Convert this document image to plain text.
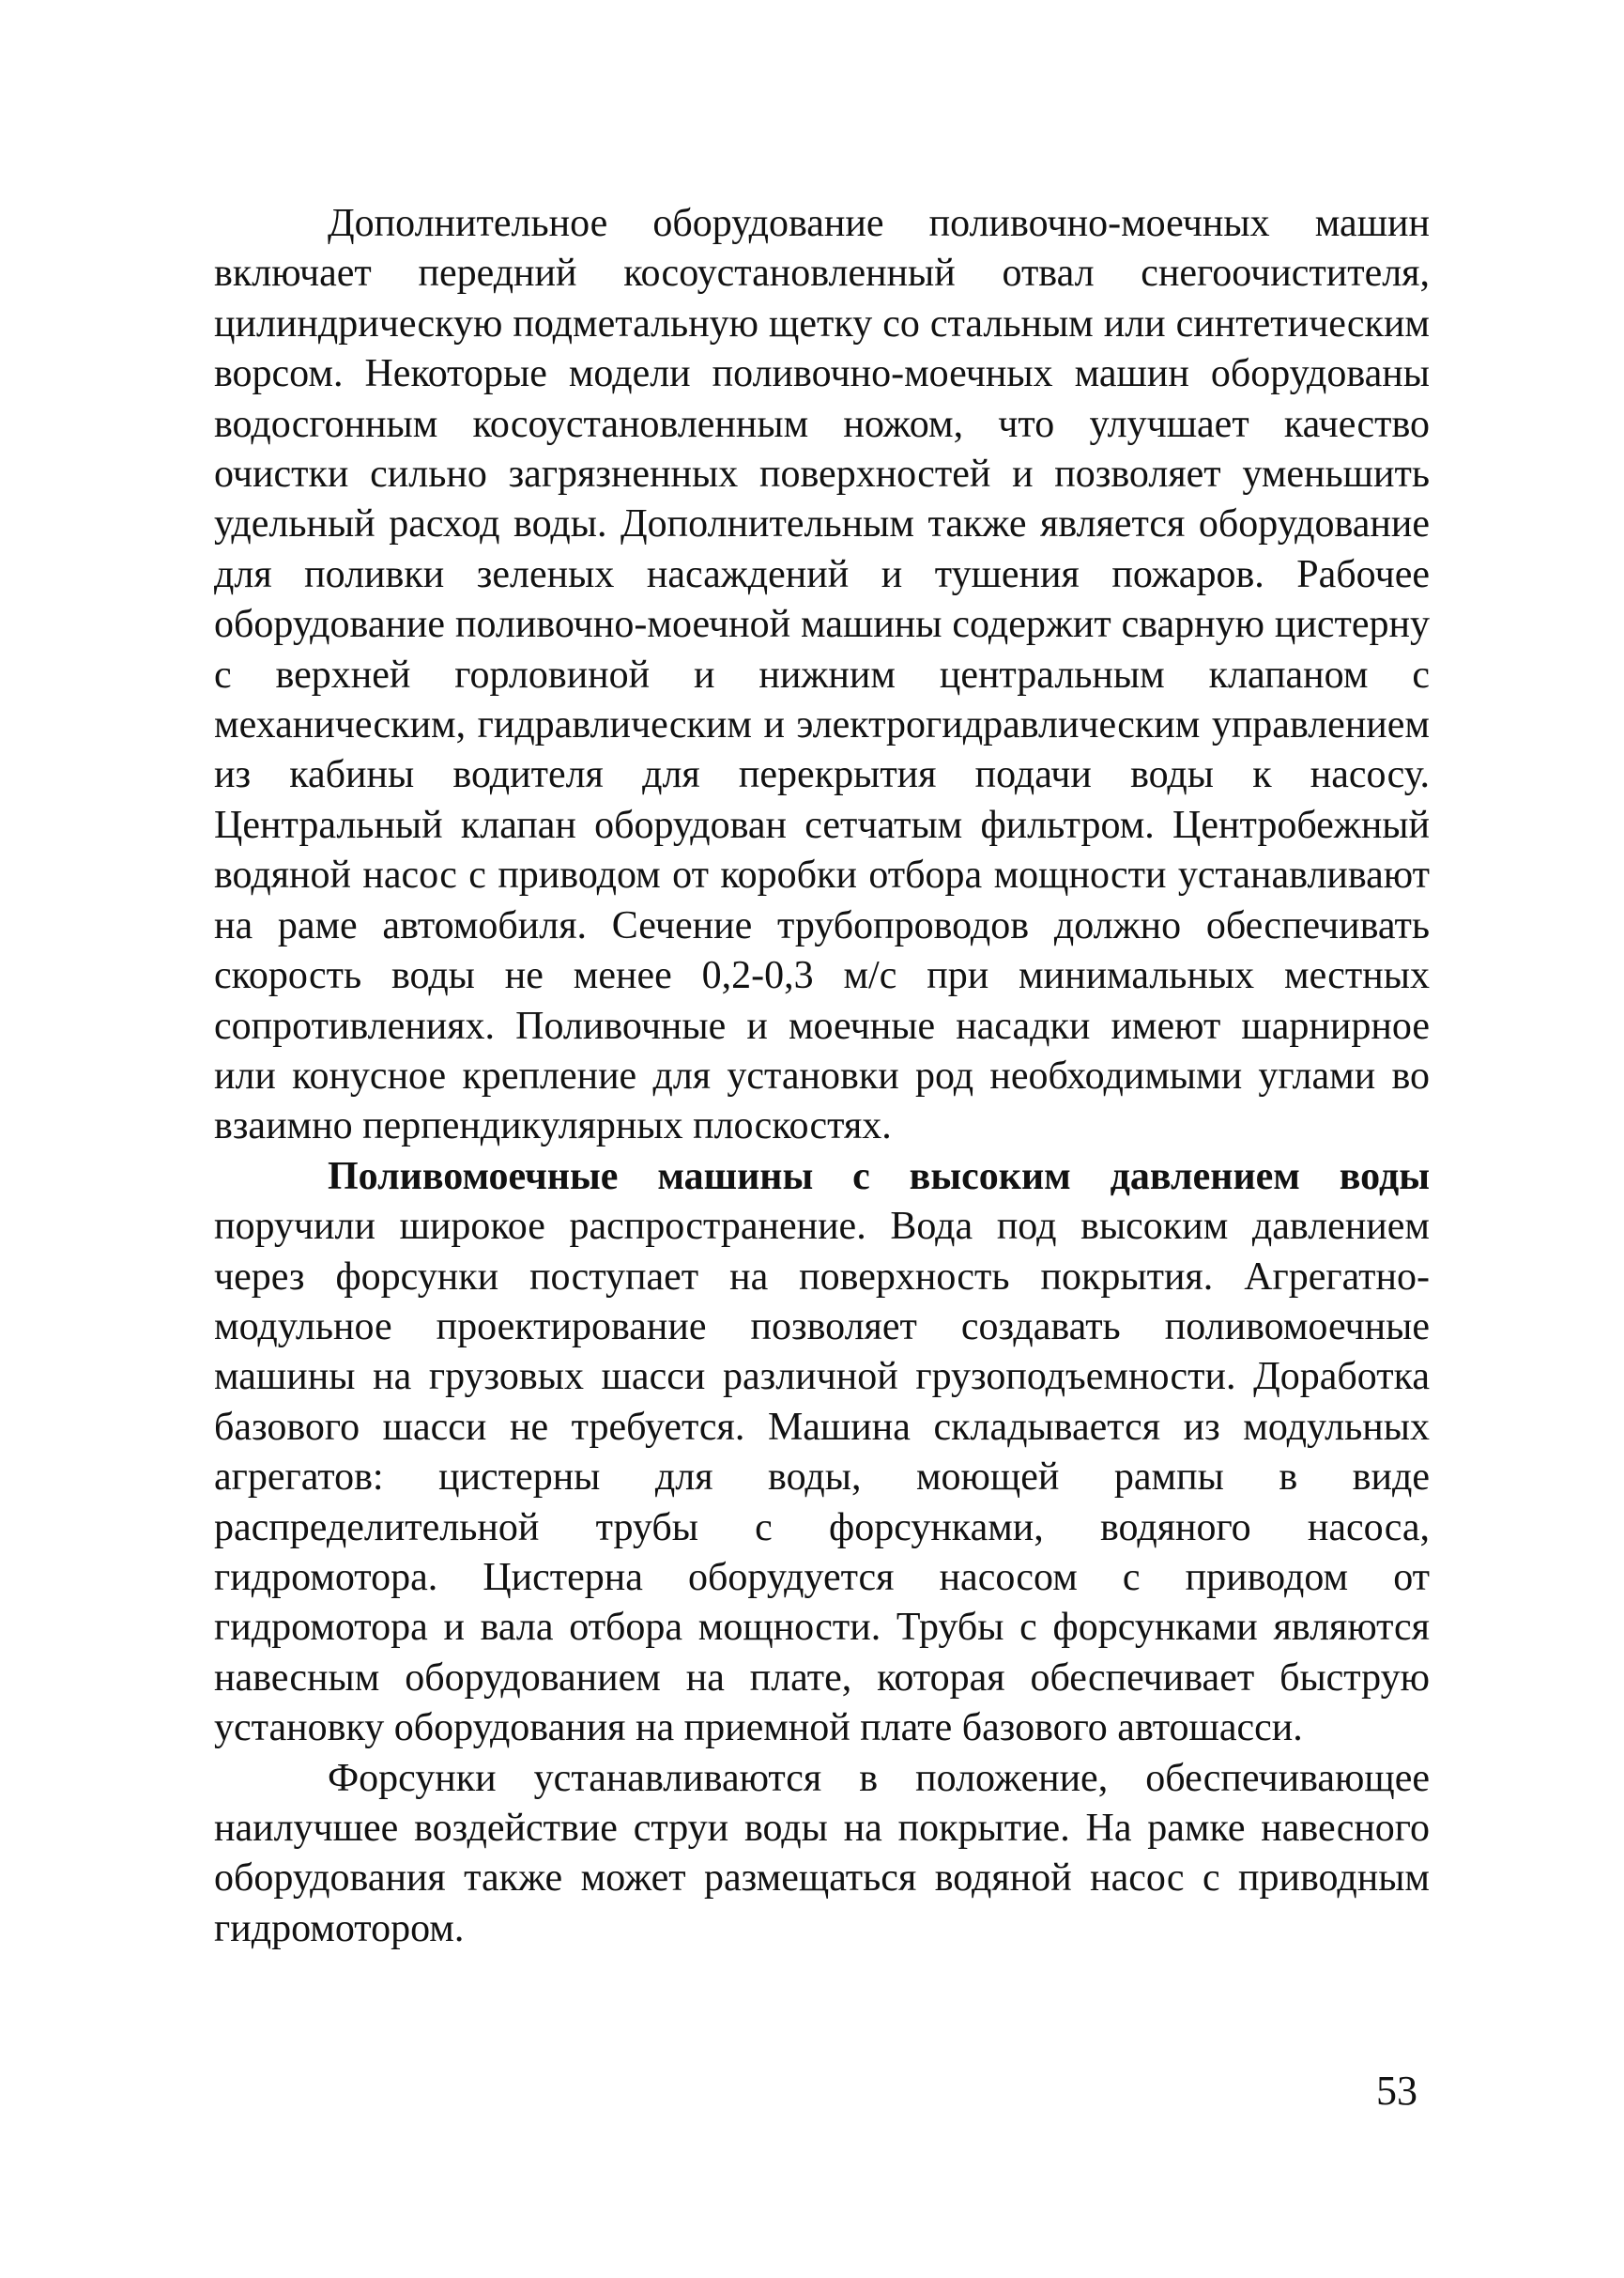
Дополнительное оборудование поливочно-моечных машин включает передний косоустановленный отвал снегоочистителя, цилиндрическую подметальную щетку со стальным или синтетическим ворсом. Некоторые модели поливочно-моечных машин оборудованы водосгонным косоустановленным ножом, что улучшает качество очистки сильно загрязненных поверхностей и позволяет уменьшить удельный расход воды. Дополнительным также является оборудование для поливки зеленых насаждений и тушения пожаров. Рабочее оборудование поливочно-моечной машины содержит сварную цистерну с верхней горловиной и нижним центральным клапаном с механическим, гидравлическим и электрогидравлическим управлением из кабины водителя для перекрытия подачи воды к насосу. Центральный клапан оборудован сетчатым фильтром. Центробежный водяной насос с приводом от коробки отбора мощности устанавливают на раме автомобиля. Сечение трубопроводов должно обеспечивать скорость воды не менее 0,2-0,3 м/с при минимальных местных сопротивлениях. Поливочные и моечные насадки имеют шарнирное или конусное крепление для установки род необходимыми углами во взаимно перпендикулярных плоскостях.

Поливомоечные машины с высоким давлением воды поручили широкое распространение. Вода под высоким давлением через форсунки поступает на поверхность покрытия. Агрегатно-модульное проектирование позволяет создавать поливомоечные машины на грузовых шасси различной грузоподъемности. Доработка базового шасси не требуется. Машина складывается из модульных агрегатов: цистерны для воды, моющей рампы в виде распределительной трубы с форсунками, водяного насоса, гидромотора. Цистерна оборудуется насосом с приводом от гидромотора и вала отбора мощности. Трубы с форсунками являются навесным оборудованием на плате, которая обеспечивает быструю установку оборудования на приемной плате базового автошасси.

Форсунки устанавливаются в положение, обеспечивающее наилучшее воздействие струи воды на покрытие. На рамке навесного оборудования также может размещаться водяной насос с приводным гидромотором.

53
